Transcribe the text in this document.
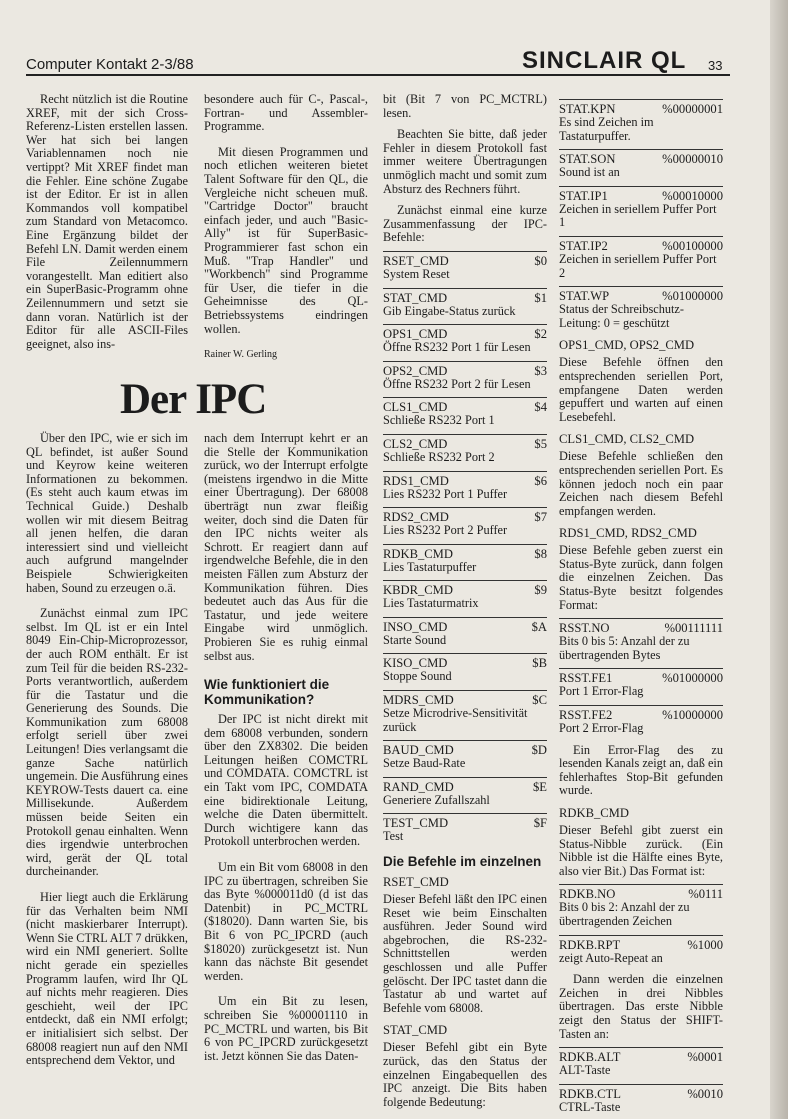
Computer Kontakt 2-3/88	SINCLAIR QL 33

Recht nützlich ist die Routine XREF, mit der sich Cross-Referenz-Listen erstellen lassen. Wer hat sich bei langen Variablennamen noch nie vertippt? Mit XREF findet man die Fehler. Eine schöne Zugabe ist der Editor. Er ist in allen Kommandos voll kompatibel zum Standard von Metacomco. Eine Ergänzung bildet der Befehl LN. Damit werden einem File Zeilennummern vorangestellt. Man editiert also ein SuperBasic-Programm ohne Zeilennummern und setzt sie dann voran. Natürlich ist der Editor für alle ASCII-Files geeignet, also ins-

besondere auch für C-, Pascal-, Fortran- und Assembler-Programme.

Mit diesen Programmen und noch etlichen weiteren bietet Talent Software für den QL, die Vergleiche nicht scheuen muß. "Cartridge Doctor" braucht einfach jeder, und auch "Basic-Ally" ist für SuperBasic-Programmierer fast schon ein Muß. "Trap Handler" und "Workbench" sind Programme für User, die tiefer in die Geheimnisse des QL-Betriebssystems eindringen wollen.

Rainer W. Gerling
Der IPC

Über den IPC, wie er sich im QL befindet, ist außer Sound und Keyrow keine weiteren Informationen zu bekommen. (Es steht auch kaum etwas im Technical Guide.) Deshalb wollen wir mit diesem Beitrag all jenen helfen, die daran interessiert sind und vielleicht auch aufgrund mangelnder Beispiele Schwierigkeiten haben, Sound zu erzeugen o.ä.

Zunächst einmal zum IPC selbst. Im QL ist er ein Intel 8049 Ein-Chip-Microprozessor, der auch ROM enthält. Er ist zum Teil für die beiden RS-232-Ports verantwortlich, außerdem für die Tastatur und die Generierung des Sounds. Die Kommunikation zum 68008 erfolgt seriell über zwei Leitungen! Dies verlangsamt die ganze Sache natürlich ungemein. Die Ausführung eines KEYROW-Tests dauert ca. eine Millisekunde. Außerdem müssen beide Seiten ein Protokoll genau einhalten. Wenn dies irgendwie unterbrochen wird, gerät der QL total durcheinander.

Hier liegt auch die Erklärung für das Verhalten beim NMI (nicht maskierbarer Interrupt). Wenn Sie CTRL ALT 7 drükken, wird ein NMI generiert. Sollte nicht gerade ein spezielles Programm laufen, wird Ihr QL auf nichts mehr reagieren. Dies geschieht, weil der IPC entdeckt, daß ein NMI erfolgt; er initialisiert sich selbst. Der 68008 reagiert nun auf den NMI entsprechend dem Vektor, und

nach dem Interrupt kehrt er an die Stelle der Kommunikation zurück, wo der Interrupt erfolgte (meistens irgendwo in die Mitte einer Übertragung). Der 68008 überträgt nun zwar fleißig weiter, doch sind die Daten für den IPC nichts weiter als Schrott. Er reagiert dann auf irgendwelche Befehle, die in den meisten Fällen zum Absturz der Kommunikation führen. Dies bedeutet auch das Aus für die Tastatur, und jede weitere Eingabe wird unmöglich. Probieren Sie es ruhig einmal selbst aus.

Wie funktioniert die Kommunikation?

Der IPC ist nicht direkt mit dem 68008 verbunden, sondern über den ZX8302. Die beiden Leitungen heißen COMCTRL und COMDATA. COMCTRL ist ein Takt vom IPC, COMDATA eine bidirektionale Leitung, welche die Daten übermittelt. Durch wichtigere kann das Protokoll unterbrochen werden.

Um ein Bit vom 68008 in den IPC zu übertragen, schreiben Sie das Byte %000011d0 (d ist das Datenbit) in PC_MCTRL ($18020). Dann warten Sie, bis Bit 6 von PC_IPCRD (auch $18020) zurückgesetzt ist. Nun kann das nächste Bit gesendet werden.

Um ein Bit zu lesen, schreiben Sie %00001110 in PC_MCTRL und warten, bis Bit 6 von PC_IPCRD zurückgesetzt ist. Jetzt können Sie das Daten-

bit (Bit 7 von PC_MCTRL) lesen.

Beachten Sie bitte, daß jeder Fehler in diesem Protokoll fast immer weitere Übertragungen unmöglich macht und somit zum Absturz des Rechners führt.

Zunächst einmal eine kurze Zusammenfassung der IPC-Befehle:

RSET_CMD	$0
System Reset
STAT_CMD	$1
Gib Eingabe-Status zurück
OPS1_CMD	$2
Öffne RS232 Port 1 für Lesen
OPS2_CMD	$3
Öffne RS232 Port 2 für Lesen
CLS1_CMD	$4
Schließe RS232 Port 1
CLS2_CMD	$5
Schließe RS232 Port 2
RDS1_CMD	$6
Lies RS232 Port 1 Puffer
RDS2_CMD	$7
Lies RS232 Port 2 Puffer
RDKB_CMD	$8
Lies Tastaturpuffer
KBDR_CMD	$9
Lies Tastaturmatrix
INSO_CMD	$A
Starte Sound
KISO_CMD	$B
Stoppe Sound
MDRS_CMD	$C
Setze Microdrive-Sensitivität zurück
BAUD_CMD	$D
Setze Baud-Rate
RAND_CMD	$E
Generiere Zufallszahl
TEST_CMD	$F
Test
Die Befehle im einzelnen
RSET_CMD
Dieser Befehl läßt den IPC einen Reset wie beim Einschalten ausführen. Jeder Sound wird abgebrochen, die RS-232-Schnittstellen werden geschlossen und alle Puffer gelöscht. Der IPC tastet dann die Tastatur ab und wartet auf Befehle vom 68008.
STAT_CMD
Dieser Befehl gibt ein Byte zurück, das den Status der einzelnen Eingabequellen des IPC anzeigt. Die Bits haben folgende Bedeutung:
STAT.KPN	%00000001
Es sind Zeichen im Tastaturpuffer.
STAT.SON	%00000010
Sound ist an
STAT.IP1	%00010000
Zeichen in seriellem Puffer Port 1
STAT.IP2	%00100000
Zeichen in seriellem Puffer Port 2
STAT.WP	%01000000
Status der Schreibschutz-Leitung: 0 = geschützt
OPS1_CMD, OPS2_CMD
Diese Befehle öffnen den entsprechenden seriellen Port, empfangene Daten werden gepuffert und warten auf einen Lesebefehl.
CLS1_CMD, CLS2_CMD
Diese Befehle schließen den entsprechenden seriellen Port. Es können jedoch noch ein paar Zeichen nach diesem Befehl empfangen werden.
RDS1_CMD, RDS2_CMD
Diese Befehle geben zuerst ein Status-Byte zurück, dann folgen die einzelnen Zeichen. Das Status-Byte besitzt folgendes Format:
RSST.NO	%00111111
Bits 0 bis 5: Anzahl der zu übertragenden Bytes
RSST.FE1	%01000000
Port 1 Error-Flag
RSST.FE2	%10000000
Port 2 Error-Flag
Ein Error-Flag des zu lesenden Kanals zeigt an, daß ein fehlerhaftes Stop-Bit gefunden wurde.
RDKB_CMD
Dieser Befehl gibt zuerst ein Status-Nibble zurück. (Ein Nibble ist die Hälfte eines Byte, also vier Bit.) Das Format ist:
RDKB.NO	%0111
Bits 0 bis 2: Anzahl der zu übertragenden Zeichen
RDKB.RPT	%1000
zeigt Auto-Repeat an
Dann werden die einzelnen Zeichen in drei Nibbles übertragen. Das erste Nibble zeigt den Status der SHIFT-Tasten an:
RDKB.ALT	%0001
ALT-Taste
RDKB.CTL	%0010
CTRL-Taste
